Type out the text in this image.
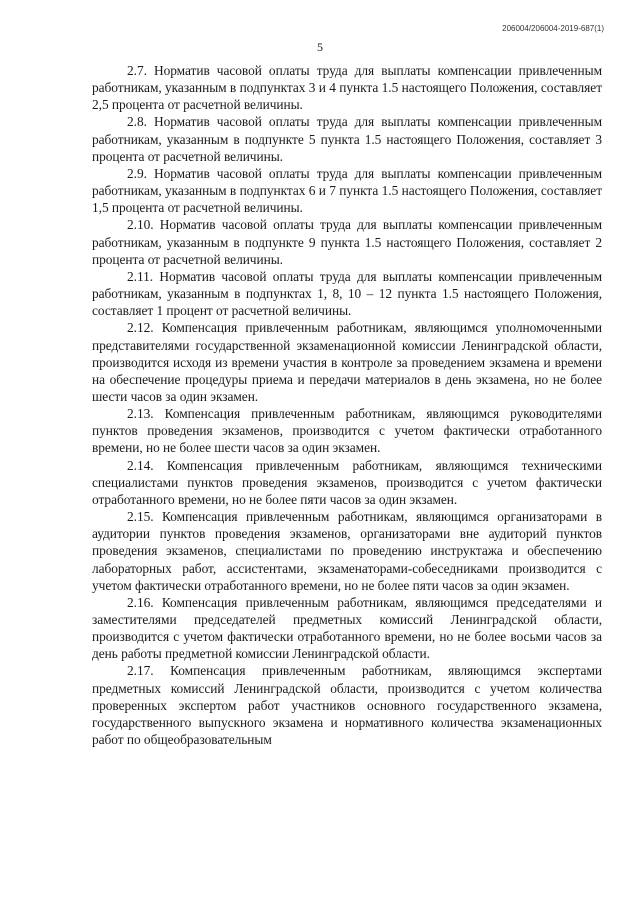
206004/206004-2019-687(1)
5

2.7. Норматив часовой оплаты труда для выплаты компенсации привлеченным работникам, указанным в подпунктах 3 и 4 пункта 1.5 настоящего Положения, составляет 2,5 процента от расчетной величины.

2.8. Норматив часовой оплаты труда для выплаты компенсации привлеченным работникам, указанным в подпункте 5 пункта 1.5 настоящего Положения, составляет 3 процента от расчетной величины.

2.9. Норматив часовой оплаты труда для выплаты компенсации привлеченным работникам, указанным в подпунктах 6 и 7 пункта 1.5 настоящего Положения, составляет 1,5 процента от расчетной величины.

2.10. Норматив часовой оплаты труда для выплаты компенсации привлеченным работникам, указанным в подпункте 9 пункта 1.5 настоящего Положения, составляет 2 процента от расчетной величины.

2.11. Норматив часовой оплаты труда для выплаты компенсации привлеченным работникам, указанным в подпунктах 1, 8, 10 – 12 пункта 1.5 настоящего Положения, составляет 1 процент от расчетной величины.

2.12. Компенсация привлеченным работникам, являющимся уполномоченными представителями государственной экзаменационной комиссии Ленинградской области, производится исходя из времени участия в контроле за проведением экзамена и времени на обеспечение процедуры приема и передачи материалов в день экзамена, но не более шести часов за один экзамен.

2.13. Компенсация привлеченным работникам, являющимся руководителями пунктов проведения экзаменов, производится с учетом фактически отработанного времени, но не более шести часов за один экзамен.

2.14. Компенсация привлеченным работникам, являющимся техническими специалистами пунктов проведения экзаменов, производится с учетом фактически отработанного времени, но не более пяти часов за один экзамен.

2.15. Компенсация привлеченным работникам, являющимся организаторами в аудитории пунктов проведения экзаменов, организаторами вне аудиторий пунктов проведения экзаменов, специалистами по проведению инструктажа и обеспечению лабораторных работ, ассистентами, экзаменаторами-собеседниками производится с учетом фактически отработанного времени, но не более пяти часов за один экзамен.

2.16. Компенсация привлеченным работникам, являющимся председателями и заместителями председателей предметных комиссий Ленинградской области, производится с учетом фактически отработанного времени, но не более восьми часов за день работы предметной комиссии Ленинградской области.

2.17. Компенсация привлеченным работникам, являющимся экспертами предметных комиссий Ленинградской области, производится с учетом количества проверенных экспертом работ участников основного государственного экзамена, государственного выпускного экзамена и нормативного количества экзаменационных работ по общеобразовательным
